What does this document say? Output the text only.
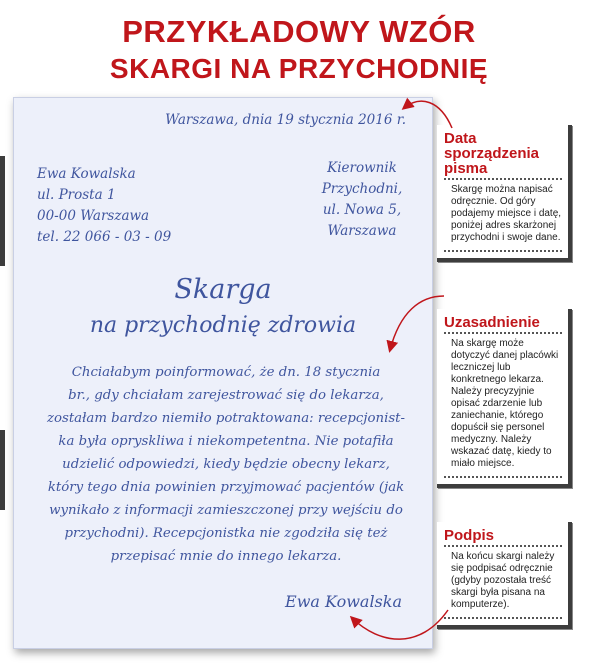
PRZYKŁADOWY WZÓR
SKARGI NA PRZYCHODNIĘ
Warszawa, dnia 19 stycznia 2016 r.
Ewa Kowalska
ul. Prosta 1
00-00 Warszawa
tel. 22 066 - 03 - 09
Kierownik
Przychodni,
ul. Nowa 5,
Warszawa
Skarga
na przychodnię zdrowia
Chciałabym poinformować, że dn. 18 stycznia
br., gdy chciałam zarejestrować się do lekarza,
zostałam bardzo niemiło potraktowana: recepcjonist-
ka była opryskliwa i niekompetentna. Nie potafiła
udzielić odpowiedzi, kiedy będzie obecny lekarz,
który tego dnia powinien przyjmować pacjentów (jak
wynikało z informacji zamieszczonej przy wejściu do
przychodni). Recepcjonistka nie zgodziła się też
przepisać mnie do innego lekarza.
Ewa Kowalska
Data sporządzenia pisma
Skargę można napisać odręcznie. Od góry podajemy miejsce i datę, poniżej adres skarżonej przychodni i swoje dane.
Uzasadnienie
Na skargę może dotyczyć danej placówki leczniczej lub konkretnego lekarza. Należy precyzyjnie opisać zdarzenie lub zaniechanie, którego dopuścił się personel medyczny. Należy wskazać datę, kiedy to miało miejsce.
Podpis
Na końcu skargi należy się podpisać odręcznie (gdyby pozostała treść skargi była pisana na komputerze).
